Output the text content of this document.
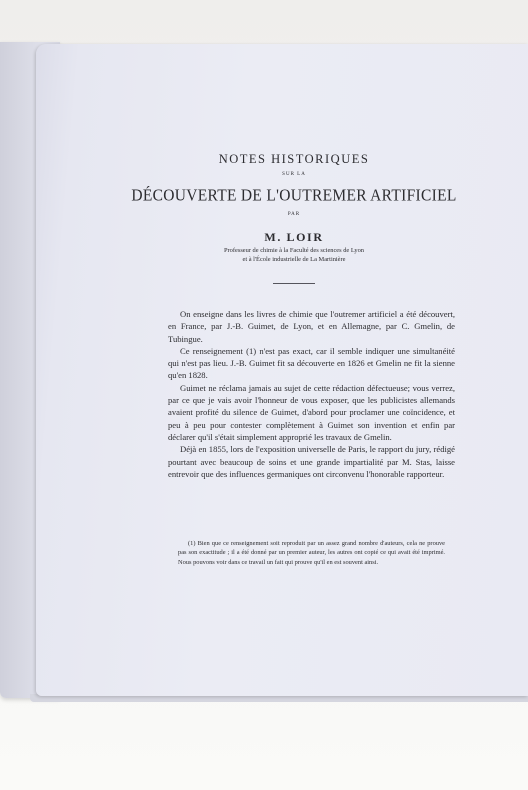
NOTES HISTORIQUES
SUR LA
DÉCOUVERTE DE L'OUTREMER ARTIFICIEL
PAR
M. LOIR
Professeur de chimie à la Faculté des sciences de Lyon
et à l'École industrielle de La Martinière

On enseigne dans les livres de chimie que l'outremer artificiel a été découvert, en France, par J.-B. Guimet, de Lyon, et en Allemagne, par C. Gmelin, de Tubingue.

Ce renseignement (1) n'est pas exact, car il semble indiquer une simultanéité qui n'est pas lieu. J.-B. Guimet fit sa découverte en 1826 et Gmelin ne fit la sienne qu'en 1828.

Guimet ne réclama jamais au sujet de cette rédaction défectueuse; vous verrez, par ce que je vais avoir l'honneur de vous exposer, que les publicistes allemands avaient profité du silence de Guimet, d'abord pour proclamer une coïncidence, et peu à peu pour contester complètement à Guimet son invention et enfin par déclarer qu'il s'était simplement approprié les travaux de Gmelin.

Déjà en 1855, lors de l'exposition universelle de Paris, le rapport du jury, rédigé pourtant avec beaucoup de soins et une grande impartialité par M. Stas, laisse entrevoir que des influences germaniques ont circonvenu l'honorable rapporteur.

(1) Bien que ce renseignement soit reproduit par un assez grand nombre d'auteurs, cela ne prouve pas son exactitude ; il a été donné par un premier auteur, les autres ont copié ce qui avait été imprimé. Nous pouvons voir dans ce travail un fait qui prouve qu'il en est souvent ainsi.
